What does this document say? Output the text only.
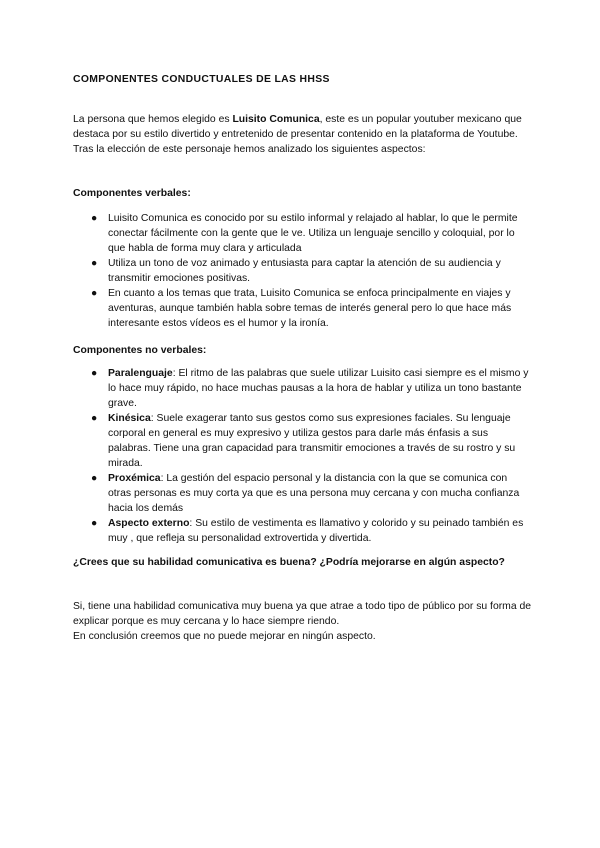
COMPONENTES CONDUCTUALES DE LAS HHSS

La persona que hemos elegido es Luisito Comunica, este es un popular youtuber mexicano que destaca por su estilo divertido y entretenido de presentar contenido en la plataforma de Youtube. Tras la elección de este personaje hemos analizado los siguientes aspectos:

Componentes verbales:
● Luisito Comunica es conocido por su estilo informal y relajado al hablar, lo que le permite conectar fácilmente con la gente que le ve. Utiliza un lenguaje sencillo y coloquial, por lo que habla de forma muy clara y articulada
● Utiliza un tono de voz animado y entusiasta para captar la atención de su audiencia y transmitir emociones positivas.
● En cuanto a los temas que trata, Luisito Comunica se enfoca principalmente en viajes y aventuras, aunque también habla sobre temas de interés general pero lo que hace más interesante estos vídeos es el humor y la ironía.
Componentes no verbales:
● Paralenguaje: El ritmo de las palabras que suele utilizar Luisito casi siempre es el mismo y lo hace muy rápido, no hace muchas pausas a la hora de hablar y utiliza un tono bastante grave.
● Kinésica: Suele exagerar tanto sus gestos como sus expresiones faciales. Su lenguaje corporal en general es muy expresivo y utiliza gestos para darle más énfasis a sus palabras. Tiene una gran capacidad para transmitir emociones a través de su rostro y su mirada.
● Proxémica: La gestión del espacio personal y la distancia con la que se comunica con otras personas es muy corta ya que es una persona muy cercana y con mucha confianza hacia los demás
● Aspecto externo: Su estilo de vestimenta es llamativo y colorido y su peinado también es muy , que refleja su personalidad extrovertida y divertida.
¿Crees que su habilidad comunicativa es buena? ¿Podría mejorarse en algún aspecto?
Si, tiene una habilidad comunicativa muy buena ya que atrae a todo tipo de público por su forma de explicar porque es muy cercana y lo hace siempre riendo.
En conclusión creemos que no puede mejorar en ningún aspecto.
